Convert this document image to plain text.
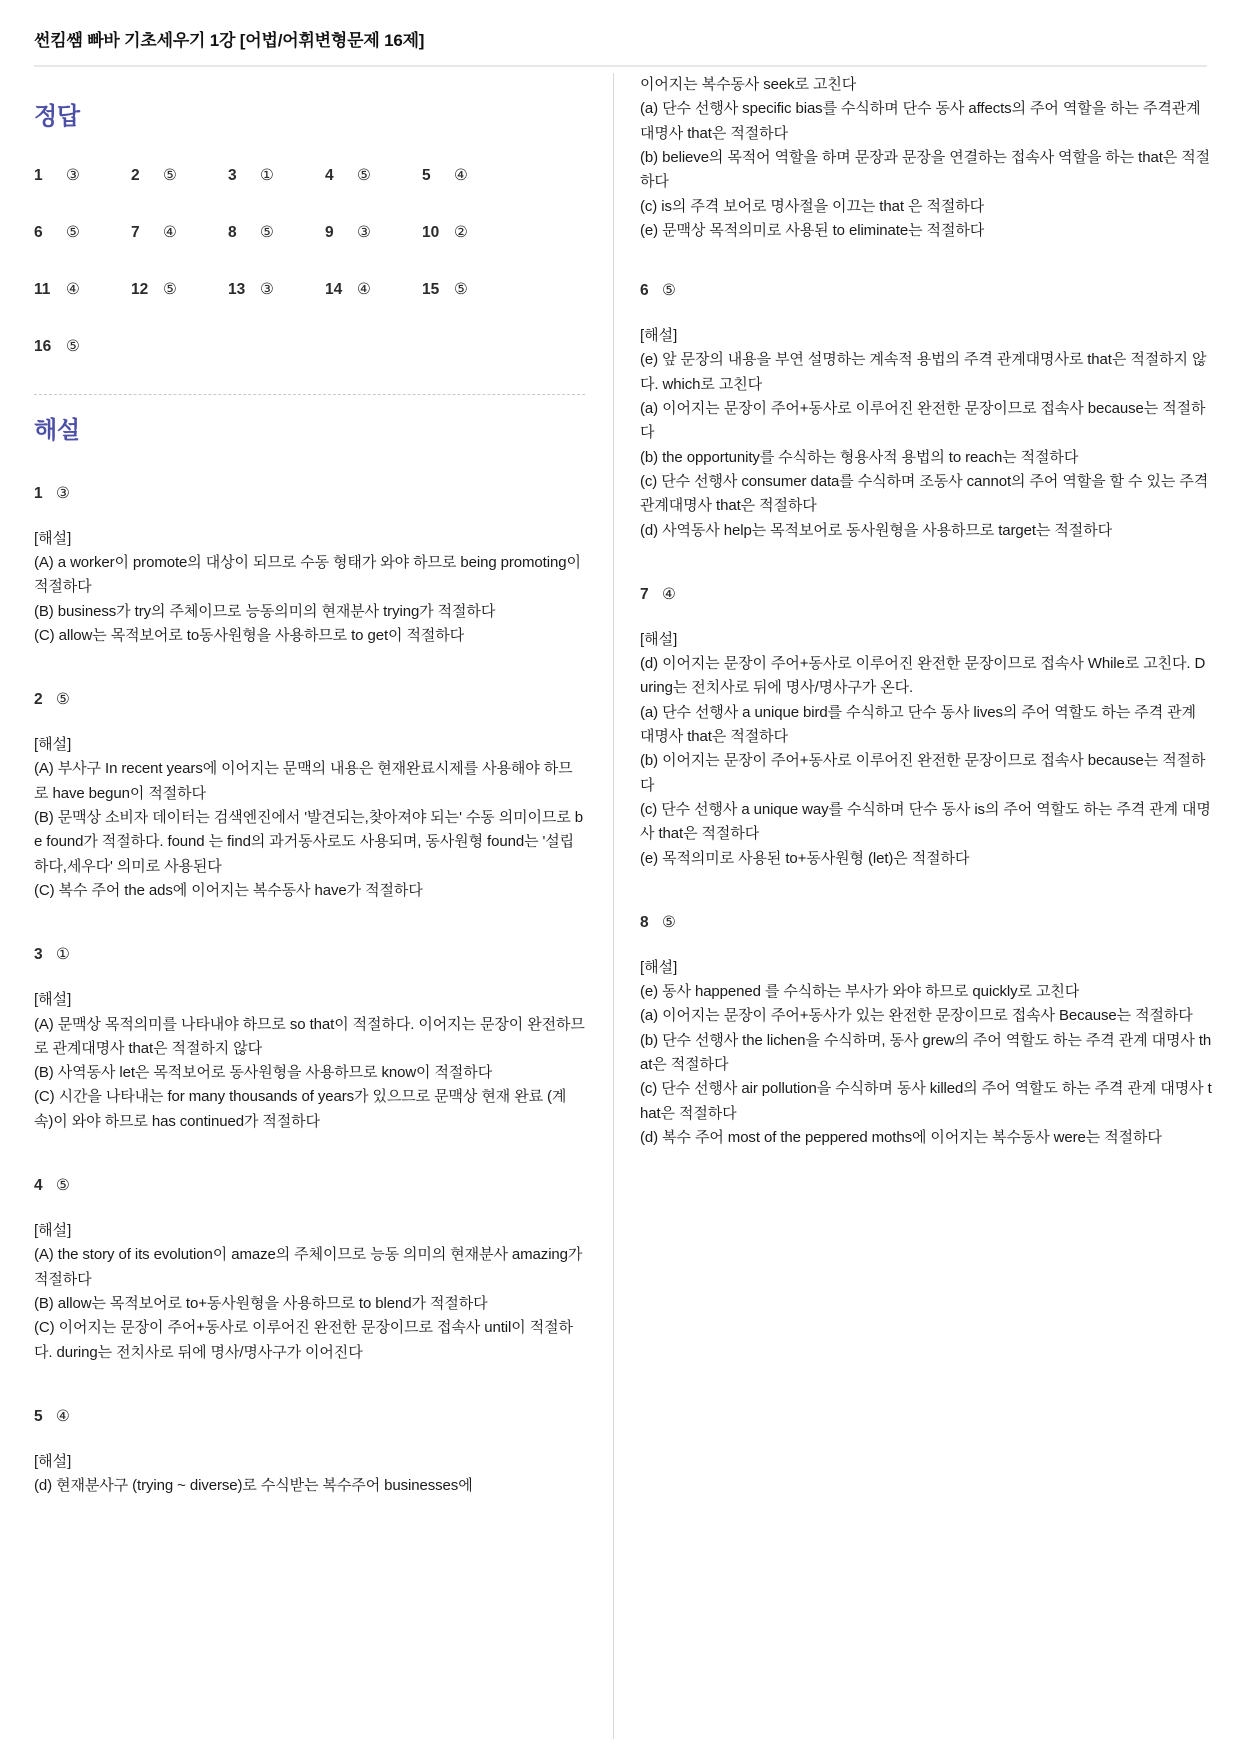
썬킴쌤 빠바 기초세우기 1강 [어법/어휘변형문제 16제]
정답
1	③	2	⑤	3	①	4	⑤	5	④
6	⑤	7	④	8	⑤	9	③	10 ②
11	④	12 ⑤	13 ③	14 ④	15 ⑤
16 ⑤
해설
1 ③
[해설]
(A) a worker이 promote의 대상이 되므로 수동 형태가 와야 하므로 being promoting이 적절하다
(B) business가 try의 주체이므로 능동의미의 현재분사 trying가 적절하다
(C) allow는 목적보어로 to동사원형을 사용하므로 to get이 적절하다
2 ⑤
[해설]
(A) 부사구 In recent years에 이어지는 문맥의 내용은 현재완료시제를 사용해야 하므로 have begun이 적절하다
(B) 문맥상 소비자 데이터는 검색엔진에서 '발견되는,찾아져야 되는' 수동 의미이므로 be found가 적절하다. found 는 find의 과거동사로도 사용되며, 동사원형 found는 '설립하다,세우다' 의미로 사용된다
(C) 복수 주어 the ads에 이어지는 복수동사 have가 적절하다
3 ①
[해설]
(A) 문맥상 목적의미를 나타내야 하므로 so that이 적절하다. 이어지는 문장이 완전하므로 관계대명사 that은 적절하지 않다
(B) 사역동사 let은 목적보어로 동사원형을 사용하므로 know이 적절하다
(C) 시간을 나타내는 for many thousands of years가 있으므로 문맥상 현재 완료 (계속)이 와야 하므로 has continued가 적절하다
4 ⑤
[해설]
(A) the story of its evolution이 amaze의 주체이므로 능동 의미의 현재분사 amazing가 적절하다
(B) allow는 목적보어로 to+동사원형을 사용하므로 to blend가 적절하다
(C) 이어지는 문장이 주어+동사로 이루어진 완전한 문장이므로 접속사 until이 적절하다. during는 전치사로 뒤에 명사/명사구가 이어진다
5 ④
[해설]
(d) 현재분사구 (trying ~ diverse)로 수식받는 복수주어 businesses에
이어지는 복수동사 seek로 고친다
(a) 단수 선행사 specific bias를 수식하며 단수 동사 affects의 주어 역할을 하는 주격관계대명사 that은 적절하다
(b) believe의 목적어 역할을 하며 문장과 문장을 연결하는 접속사 역할을 하는 that은 적절하다
(c) is의 주격 보어로 명사절을 이끄는 that 은 적절하다
(e) 문맥상 목적의미로 사용된 to eliminate는 적절하다
6 ⑤
[해설]
(e) 앞 문장의 내용을 부연 설명하는 계속적 용법의 주격 관계대명사로 that은 적절하지 않다. which로 고친다
(a) 이어지는 문장이 주어+동사로 이루어진 완전한 문장이므로 접속사 because는 적절하다
(b) the opportunity를 수식하는 형용사적 용법의 to reach는 적절하다
(c) 단수 선행사 consumer data를 수식하며 조동사 cannot의 주어 역할을 할 수 있는 주격 관계대명사 that은 적절하다
(d) 사역동사 help는 목적보어로 동사원형을 사용하므로 target는 적절하다
7 ④
[해설]
(d) 이어지는 문장이 주어+동사로 이루어진 완전한 문장이므로 접속사 While로 고친다. During는 전치사로 뒤에 명사/명사구가 온다.
(a) 단수 선행사 a unique bird를 수식하고 단수 동사 lives의 주어 역할도 하는 주격 관계 대명사 that은 적절하다
(b) 이어지는 문장이 주어+동사로 이루어진 완전한 문장이므로 접속사 because는 적절하다
(c) 단수 선행사 a unique way를 수식하며 단수 동사 is의 주어 역할도 하는 주격 관계 대명사 that은 적절하다
(e) 목적의미로 사용된 to+동사원형 (let)은 적절하다
8 ⑤
[해설]
(e) 동사 happened 를 수식하는 부사가 와야 하므로 quickly로 고친다
(a) 이어지는 문장이 주어+동사가 있는 완전한 문장이므로 접속사 Because는 적절하다
(b) 단수 선행사 the lichen을 수식하며, 동사 grew의 주어 역할도 하는 주격 관계 대명사 that은 적절하다
(c) 단수 선행사 air pollution을 수식하며 동사 killed의 주어 역할도 하는 주격 관계 대명사 that은 적절하다
(d) 복수 주어 most of the peppered moths에 이어지는 복수동사 were는 적절하다
